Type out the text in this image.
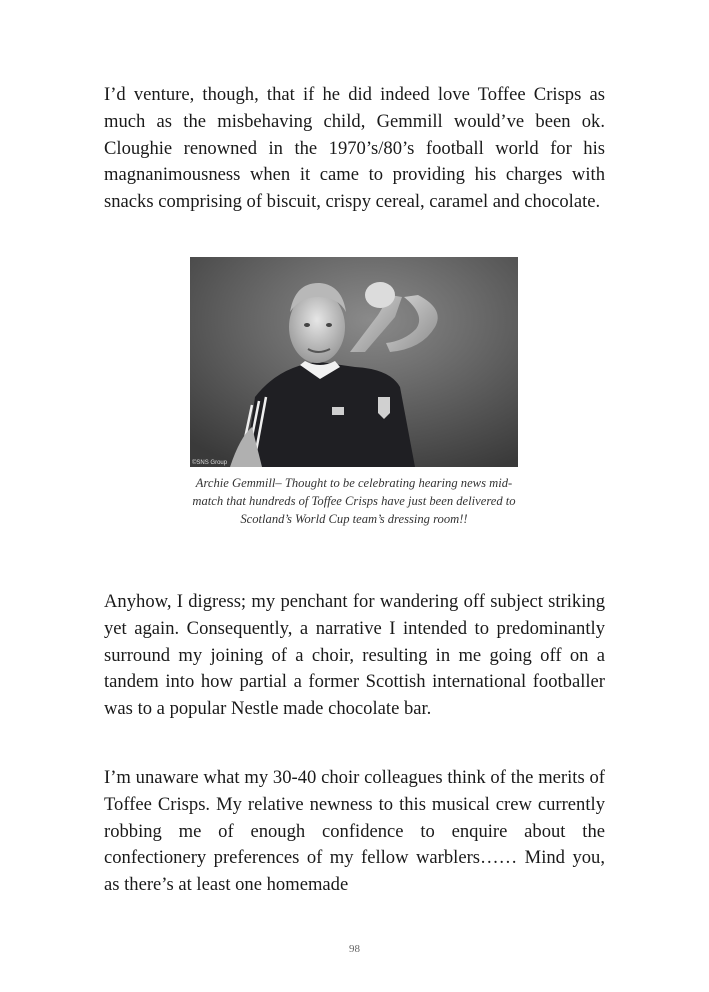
I’d venture, though, that if he did indeed love Toffee Crisps as much as the misbehaving child, Gemmill would’ve been ok. Cloughie renowned in the 1970’s/80’s football world for his magnanimousness when it came to providing his charges with snacks comprising of biscuit, crispy cereal, caramel and chocolate.

©SNS Group

Archie Gemmill– Thought to be celebrating hearing news mid-match that hundreds of Toffee Crisps have just been delivered to Scotland’s World Cup team’s dressing room!!

Anyhow, I digress; my penchant for wandering off subject striking yet again. Consequently, a narrative I intended to predominantly surround my joining of a choir, resulting in me going off on a tandem into how partial a former Scottish international footballer was to a popular Nestle made chocolate bar.

I’m unaware what my 30-40 choir colleagues think of the merits of Toffee Crisps. My relative newness to this musical crew currently robbing me of enough confidence to enquire about the confectionery preferences of my fellow warblers…… Mind you, as there’s at least one homemade

98
